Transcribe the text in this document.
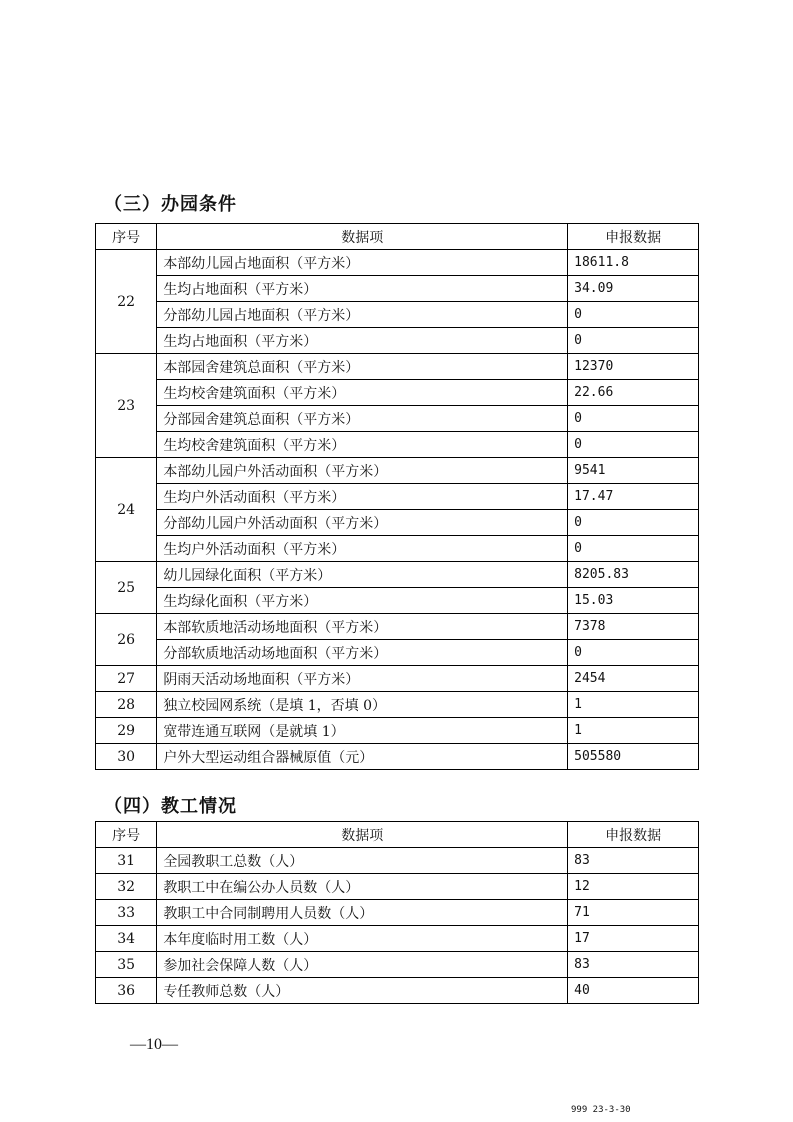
（三）办园条件
序号	数据项	申报数据
22	本部幼儿园占地面积（平方米）	18611.8
	生均占地面积（平方米）	34.09
	分部幼儿园占地面积（平方米）	0
	生均占地面积（平方米）	0
23	本部园舍建筑总面积（平方米）	12370
	生均校舍建筑面积（平方米）	22.66
	分部园舍建筑总面积（平方米）	0
	生均校舍建筑面积（平方米）	0
24	本部幼儿园户外活动面积（平方米）	9541
	生均户外活动面积（平方米）	17.47
	分部幼儿园户外活动面积（平方米）	0
	生均户外活动面积（平方米）	0
25	幼儿园绿化面积（平方米）	8205.83
	生均绿化面积（平方米）	15.03
26	本部软质地活动场地面积（平方米）	7378
	分部软质地活动场地面积（平方米）	0
27	阴雨天活动场地面积（平方米）	2454
28	独立校园网系统（是填 1，否填 0）	1
29	宽带连通互联网（是就填 1）	1
30	户外大型运动组合器械原值（元）	505580
（四）教工情况
序号	数据项	申报数据
31	全园教职工总数（人）	83
32	教职工中在编公办人员数（人）	12
33	教职工中合同制聘用人员数（人）	71
34	本年度临时用工数（人）	17
35	参加社会保障人数（人）	83
36	专任教师总数（人）	40
—10—
999 23-3-30
